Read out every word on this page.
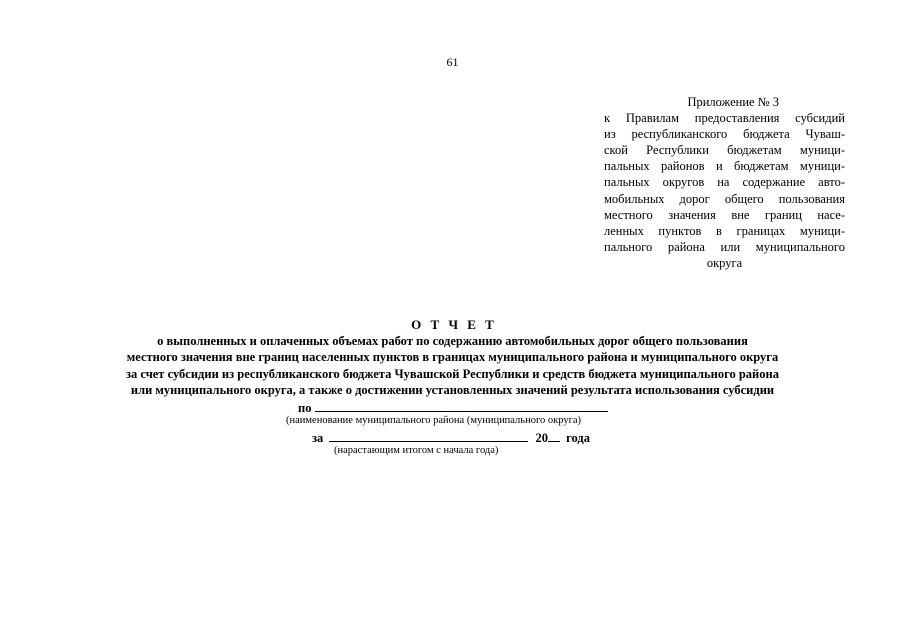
61
Приложение № 3
к Правилам предоставления субсидий
из республиканского бюджета Чуваш-
ской Республики бюджетам муници-
пальных районов и бюджетам муници-
пальных округов на содержание авто-
мобильных дорог общего пользования
местного значения вне границ насе-
ленных пунктов в границах муници-
пального района или муниципального
округа
О Т Ч Е Т
о выполненных и оплаченных объемах работ по содержанию автомобильных дорог общего пользования
местного значения вне границ населенных пунктов в границах муниципального района и муниципального округа
за счет субсидии из республиканского бюджета Чувашской Республики и средств бюджета муниципального района
или муниципального округа, а также о достижении установленных значений результата использования субсидии
по
(наименование муниципального района (муниципального округа)
за	20 года
(нарастающим итогом с начала года)
